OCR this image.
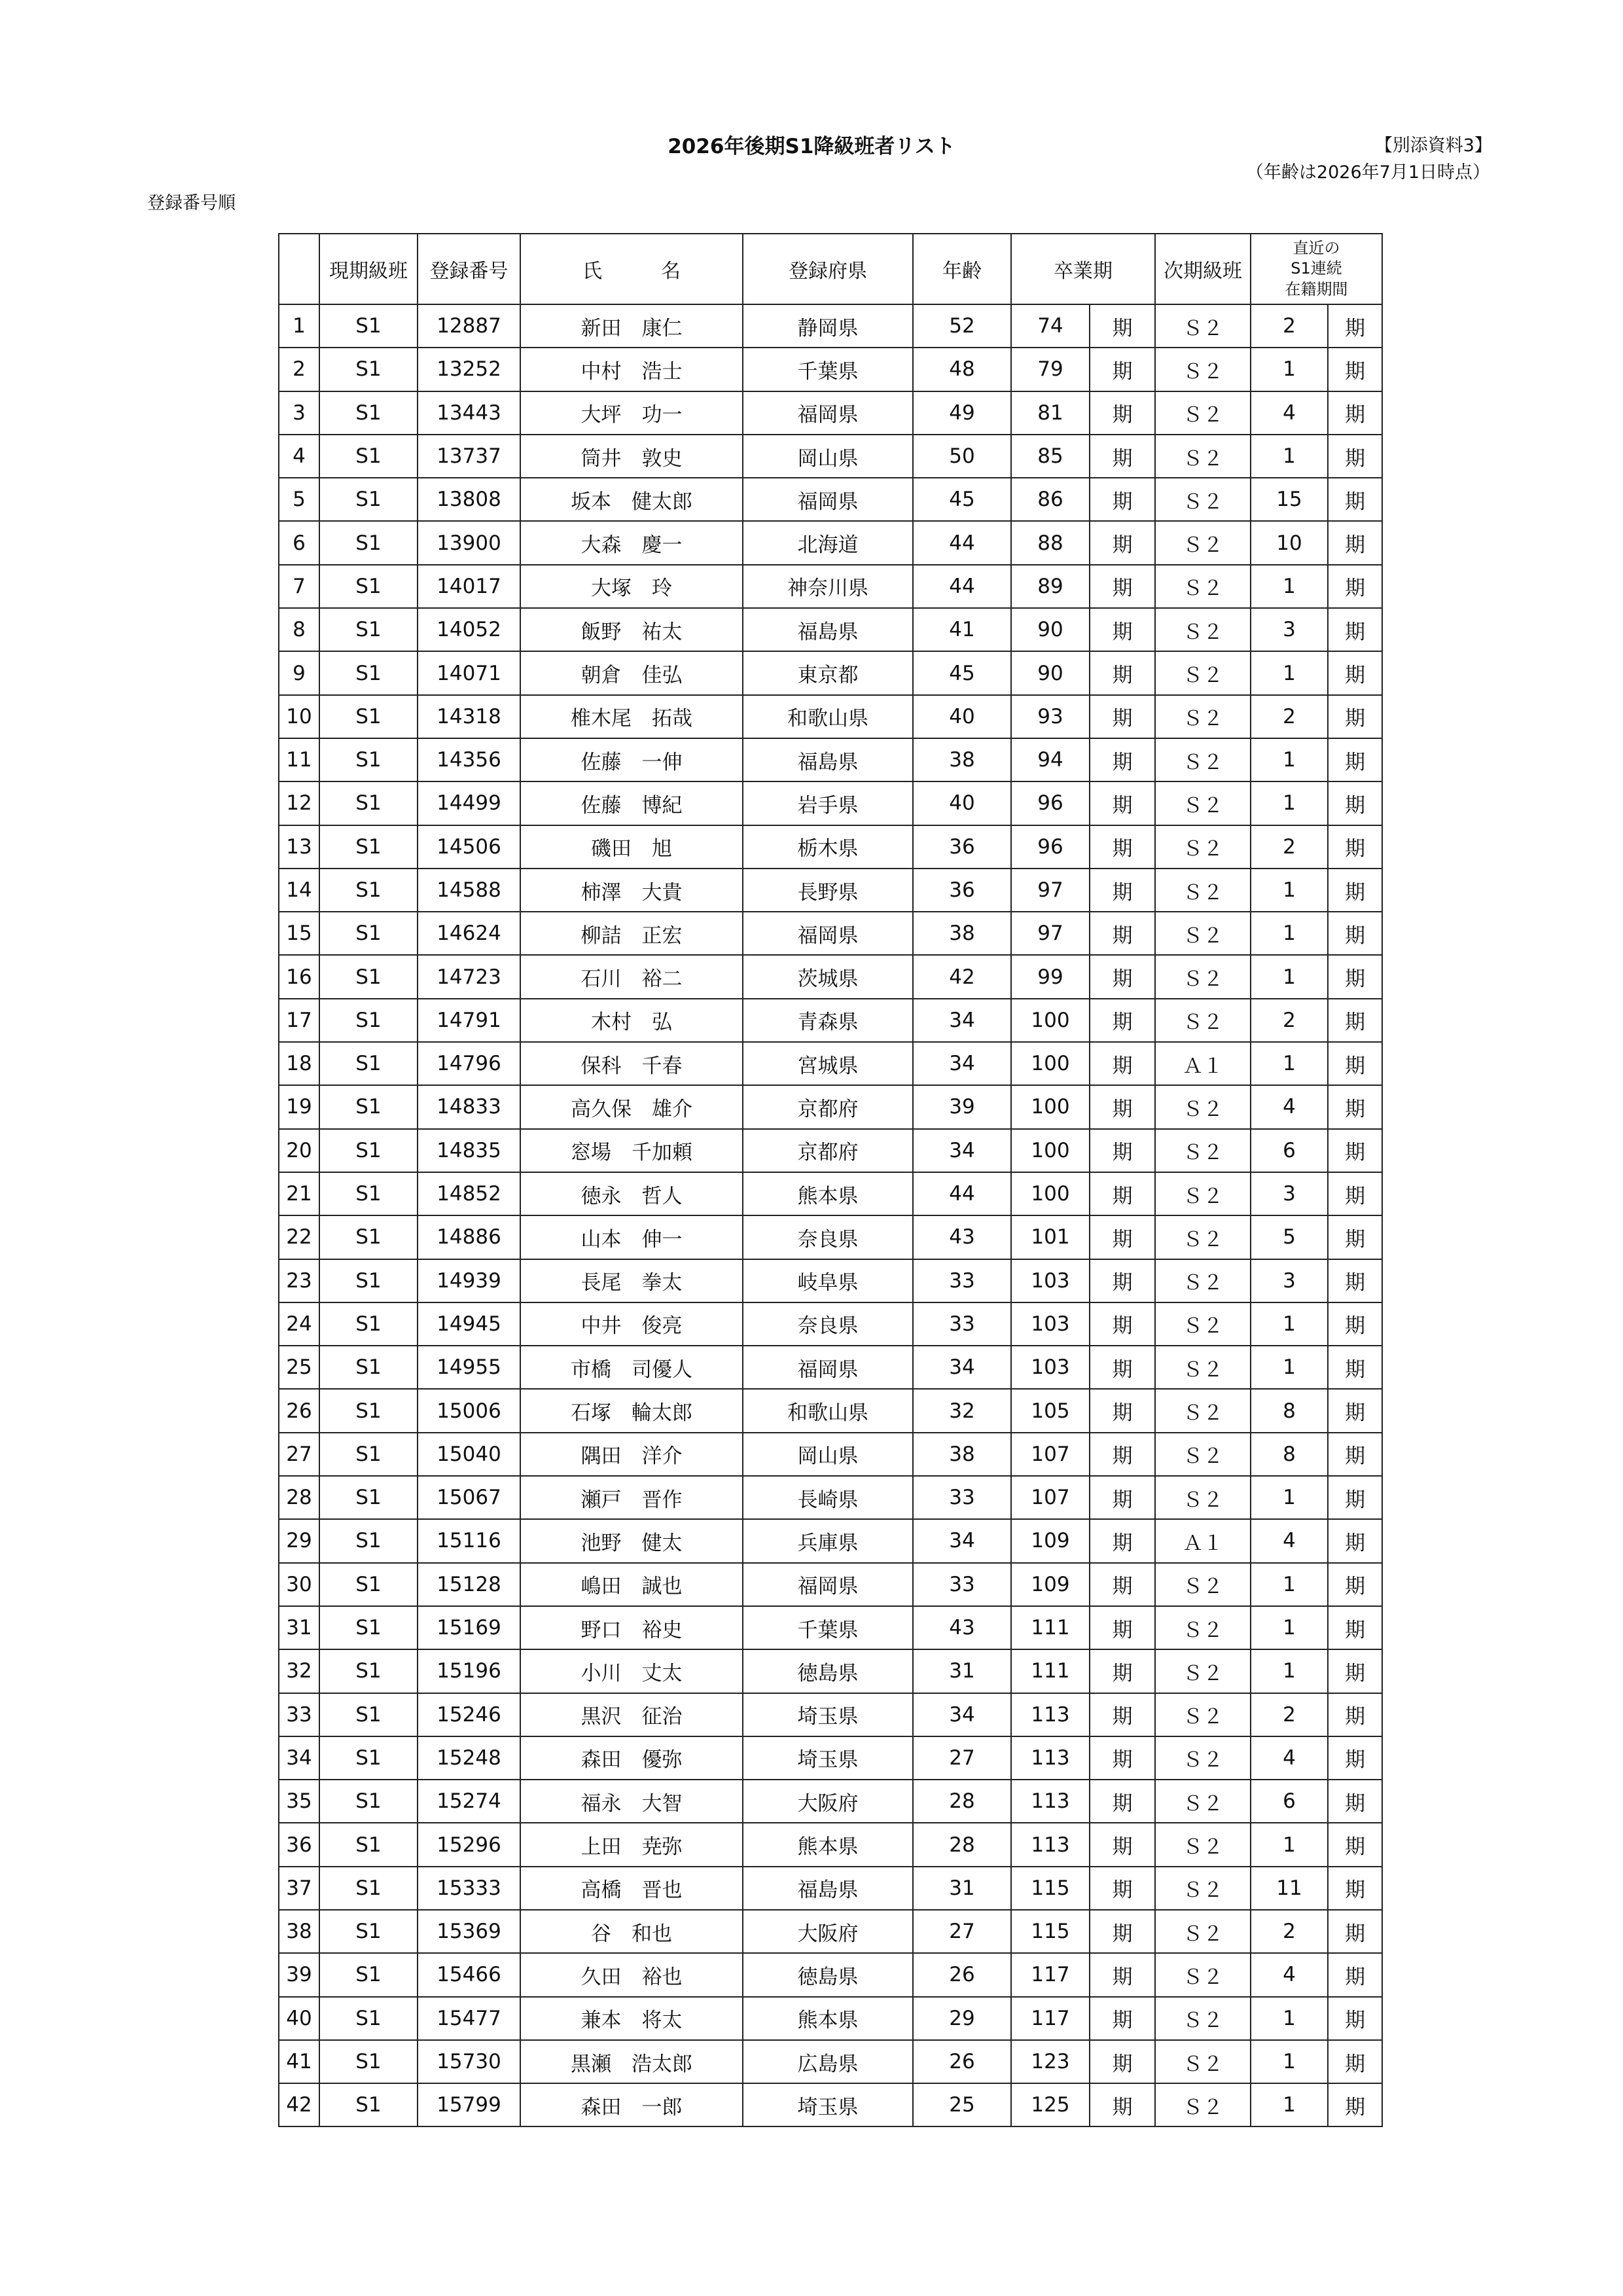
2026年後期S1降級班者リスト	【別添資料3】
（年齢は2026年7月1日時点）
登録番号順
	現期級班	登録番号	氏　　　名	登録府県	年齢	卒業期		次期級班	直近の
S1連続
在籍期間	

1	S1	12887	新田　康仁	静岡県	52	74	期	Ｓ２	2	期
2	S1	13252	中村　浩士	千葉県	48	79	期	Ｓ２	1	期
3	S1	13443	大坪　功一	福岡県	49	81	期	Ｓ２	4	期
4	S1	13737	筒井　敦史	岡山県	50	85	期	Ｓ２	1	期
5	S1	13808	坂本　健太郎	福岡県	45	86	期	Ｓ２	15	期
6	S1	13900	大森　慶一	北海道	44	88	期	Ｓ２	10	期
7	S1	14017	大塚　玲	神奈川県	44	89	期	Ｓ２	1	期
8	S1	14052	飯野　祐太	福島県	41	90	期	Ｓ２	3	期
9	S1	14071	朝倉　佳弘	東京都	45	90	期	Ｓ２	1	期
10	S1	14318	椎木尾　拓哉	和歌山県	40	93	期	Ｓ２	2	期
11	S1	14356	佐藤　一伸	福島県	38	94	期	Ｓ２	1	期
12	S1	14499	佐藤　博紀	岩手県	40	96	期	Ｓ２	1	期
13	S1	14506	磯田　旭	栃木県	36	96	期	Ｓ２	2	期
14	S1	14588	柿澤　大貴	長野県	36	97	期	Ｓ２	1	期
15	S1	14624	柳詰　正宏	福岡県	38	97	期	Ｓ２	1	期
16	S1	14723	石川　裕二	茨城県	42	99	期	Ｓ２	1	期
17	S1	14791	木村　弘	青森県	34	100	期	Ｓ２	2	期
18	S1	14796	保科　千春	宮城県	34	100	期	Ａ１	1	期
19	S1	14833	高久保　雄介	京都府	39	100	期	Ｓ２	4	期
20	S1	14835	窓場　千加頼	京都府	34	100	期	Ｓ２	6	期
21	S1	14852	徳永　哲人	熊本県	44	100	期	Ｓ２	3	期
22	S1	14886	山本　伸一	奈良県	43	101	期	Ｓ２	5	期
23	S1	14939	長尾　拳太	岐阜県	33	103	期	Ｓ２	3	期
24	S1	14945	中井　俊亮	奈良県	33	103	期	Ｓ２	1	期
25	S1	14955	市橋　司優人	福岡県	34	103	期	Ｓ２	1	期
26	S1	15006	石塚　輪太郎	和歌山県	32	105	期	Ｓ２	8	期
27	S1	15040	隅田　洋介	岡山県	38	107	期	Ｓ２	8	期
28	S1	15067	瀬戸　晋作	長崎県	33	107	期	Ｓ２	1	期
29	S1	15116	池野　健太	兵庫県	34	109	期	Ａ１	4	期
30	S1	15128	嶋田　誠也	福岡県	33	109	期	Ｓ２	1	期
31	S1	15169	野口　裕史	千葉県	43	111	期	Ｓ２	1	期
32	S1	15196	小川　丈太	徳島県	31	111	期	Ｓ２	1	期
33	S1	15246	黒沢　征治	埼玉県	34	113	期	Ｓ２	2	期
34	S1	15248	森田　優弥	埼玉県	27	113	期	Ｓ２	4	期
35	S1	15274	福永　大智	大阪府	28	113	期	Ｓ２	6	期
36	S1	15296	上田　尭弥	熊本県	28	113	期	Ｓ２	1	期
37	S1	15333	高橋　晋也	福島県	31	115	期	Ｓ２	11	期
38	S1	15369	谷　和也	大阪府	27	115	期	Ｓ２	2	期
39	S1	15466	久田　裕也	徳島県	26	117	期	Ｓ２	4	期
40	S1	15477	兼本　将太	熊本県	29	117	期	Ｓ２	1	期
41	S1	15730	黒瀬　浩太郎	広島県	26	123	期	Ｓ２	1	期
42	S1	15799	森田　一郎	埼玉県	25	125	期	Ｓ２	1	期
